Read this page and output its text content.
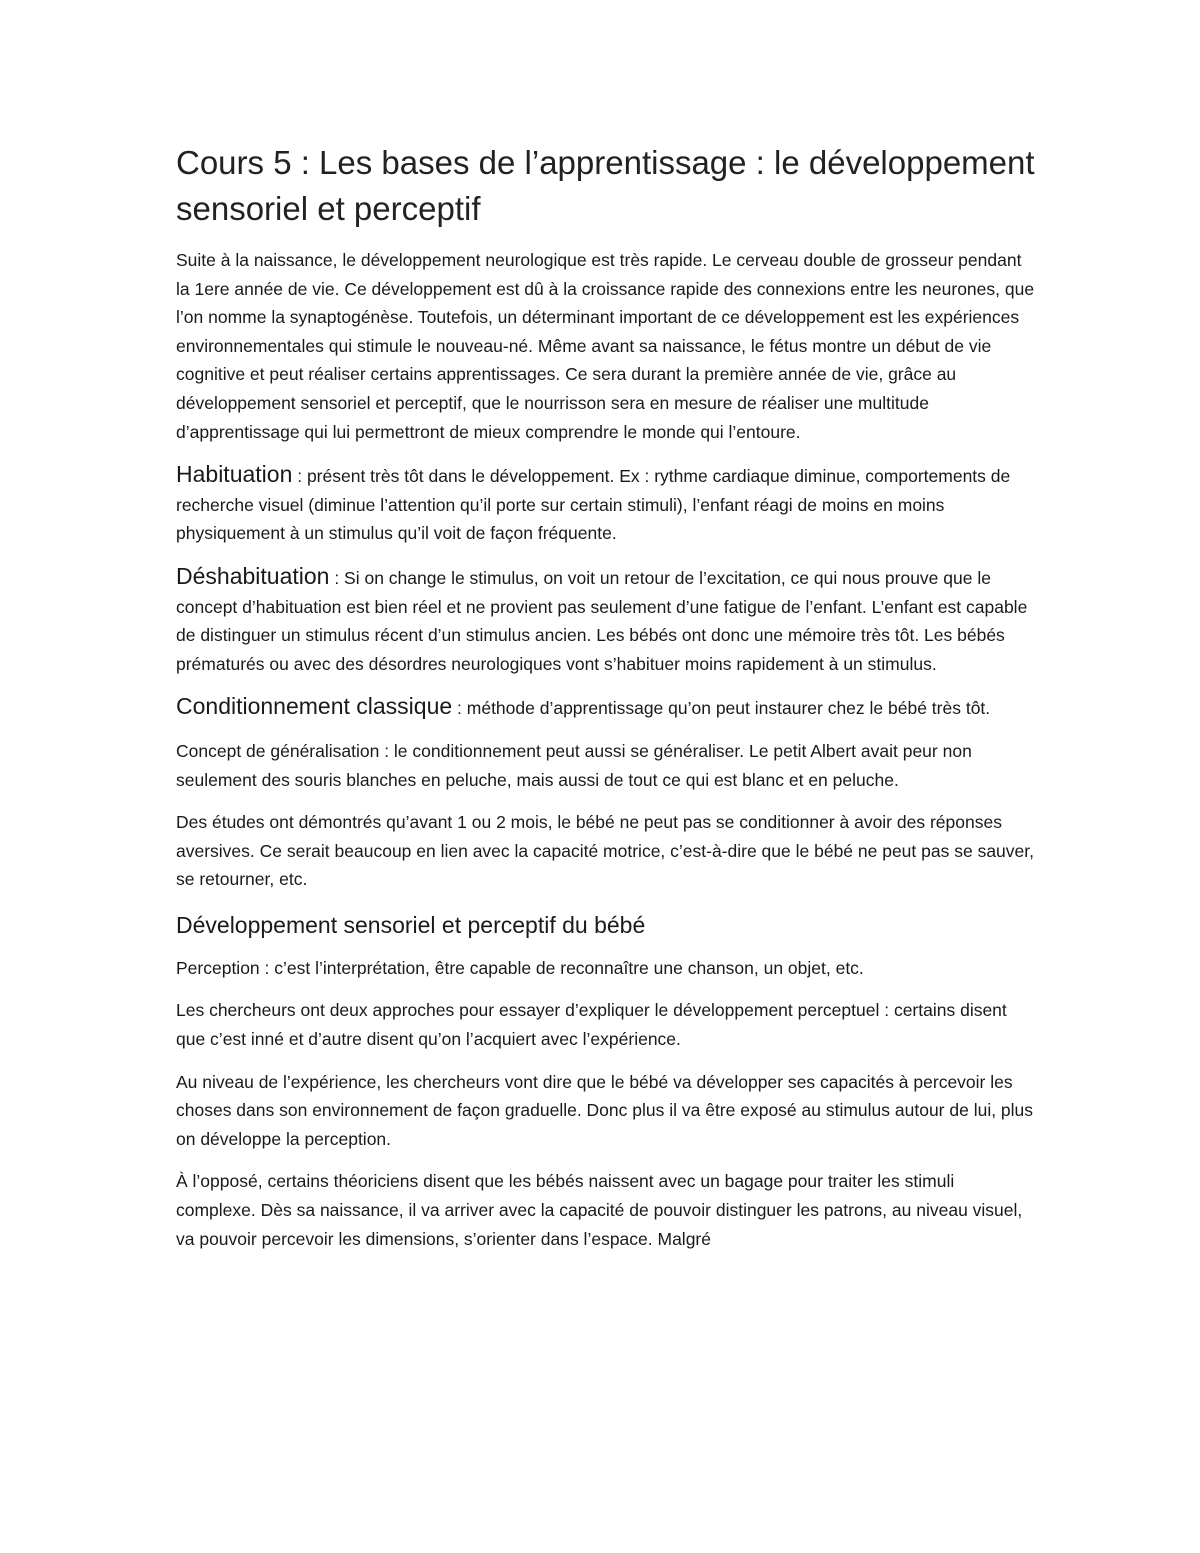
Cours 5 : Les bases de l’apprentissage : le développement sensoriel et perceptif

Suite à la naissance, le développement neurologique est très rapide. Le cerveau double de grosseur pendant la 1ere année de vie. Ce développement est dû à la croissance rapide des connexions entre les neurones, que l’on nomme la synaptogénèse. Toutefois, un déterminant important de ce développement est les expériences environnementales qui stimule le nouveau-né. Même avant sa naissance, le fétus montre un début de vie cognitive et peut réaliser certains apprentissages. Ce sera durant la première année de vie, grâce au développement sensoriel et perceptif, que le nourrisson sera en mesure de réaliser une multitude d’apprentissage qui lui permettront de mieux comprendre le monde qui l’entoure.

Habituation : présent très tôt dans le développement. Ex : rythme cardiaque diminue, comportements de recherche visuel (diminue l’attention qu’il porte sur certain stimuli), l’enfant réagi de moins en moins physiquement à un stimulus qu’il voit de façon fréquente.

Déshabituation : Si on change le stimulus, on voit un retour de l’excitation, ce qui nous prouve que le concept d’habituation est bien réel et ne provient pas seulement d’une fatigue de l’enfant. L’enfant est capable de distinguer un stimulus récent d’un stimulus ancien. Les bébés ont donc une mémoire très tôt. Les bébés prématurés ou avec des désordres neurologiques vont s’habituer moins rapidement à un stimulus.

Conditionnement classique : méthode d’apprentissage qu’on peut instaurer chez le bébé très tôt.

Concept de généralisation : le conditionnement peut aussi se généraliser. Le petit Albert avait peur non seulement des souris blanches en peluche, mais aussi de tout ce qui est blanc et en peluche.

Des études ont démontrés qu’avant 1 ou 2 mois, le bébé ne peut pas se conditionner à avoir des réponses aversives. Ce serait beaucoup en lien avec la capacité motrice, c’est-à-dire que le bébé ne peut pas se sauver, se retourner, etc.

Développement sensoriel et perceptif du bébé

Perception : c’est l’interprétation, être capable de reconnaître une chanson, un objet, etc.

Les chercheurs ont deux approches pour essayer d’expliquer le développement perceptuel : certains disent que c’est inné et d’autre disent qu’on l’acquiert avec l’expérience.

Au niveau de l’expérience, les chercheurs vont dire que le bébé va développer ses capacités à percevoir les choses dans son environnement de façon graduelle. Donc plus il va être exposé au stimulus autour de lui, plus on développe la perception.

À l’opposé, certains théoriciens disent que les bébés naissent avec un bagage pour traiter les stimuli complexe. Dès sa naissance, il va arriver avec la capacité de pouvoir distinguer les patrons, au niveau visuel, va pouvoir percevoir les dimensions, s’orienter dans l’espace. Malgré
